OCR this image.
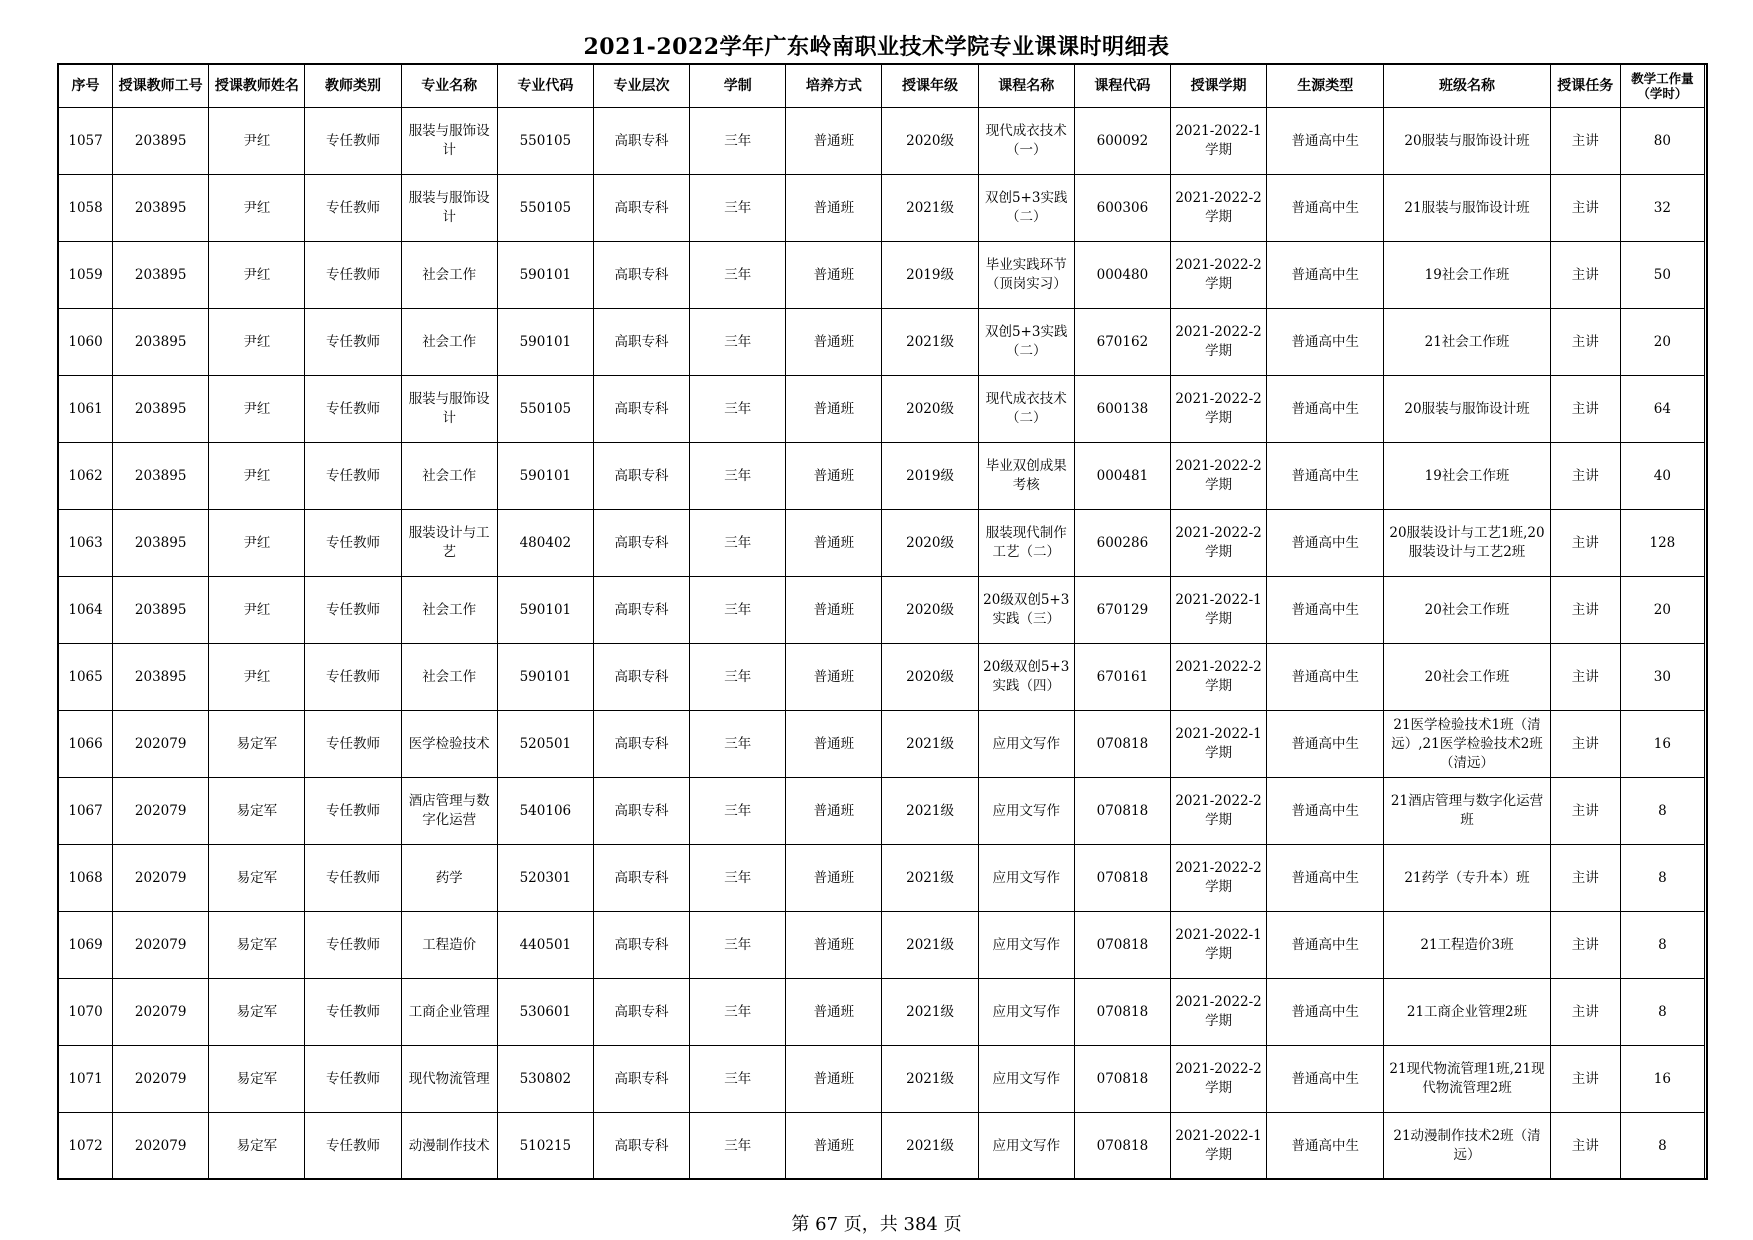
2021-2022学年广东岭南职业技术学院专业课课时明细表
序号	授课教师工号	授课教师姓名	教师类别	专业名称	专业代码	专业层次	学制	培养方式	授课年级	课程名称	课程代码	授课学期	生源类型	班级名称	授课任务	教学工作量（学时）
1057	203895	尹红	专任教师	服装与服饰设计	550105	高职专科	三年	普通班	2020级	现代成衣技术（一）	600092	2021-2022-1学期	普通高中生	20服装与服饰设计班	主讲	80
1058	203895	尹红	专任教师	服装与服饰设计	550105	高职专科	三年	普通班	2021级	双创5+3实践（二）	600306	2021-2022-2学期	普通高中生	21服装与服饰设计班	主讲	32
1059	203895	尹红	专任教师	社会工作	590101	高职专科	三年	普通班	2019级	毕业实践环节（顶岗实习）	000480	2021-2022-2学期	普通高中生	19社会工作班	主讲	50
1060	203895	尹红	专任教师	社会工作	590101	高职专科	三年	普通班	2021级	双创5+3实践（二）	670162	2021-2022-2学期	普通高中生	21社会工作班	主讲	20
1061	203895	尹红	专任教师	服装与服饰设计	550105	高职专科	三年	普通班	2020级	现代成衣技术（二）	600138	2021-2022-2学期	普通高中生	20服装与服饰设计班	主讲	64
1062	203895	尹红	专任教师	社会工作	590101	高职专科	三年	普通班	2019级	毕业双创成果考核	000481	2021-2022-2学期	普通高中生	19社会工作班	主讲	40
1063	203895	尹红	专任教师	服装设计与工艺	480402	高职专科	三年	普通班	2020级	服装现代制作工艺（二）	600286	2021-2022-2学期	普通高中生	20服装设计与工艺1班,20服装设计与工艺2班	主讲	128
1064	203895	尹红	专任教师	社会工作	590101	高职专科	三年	普通班	2020级	20级双创5+3实践（三）	670129	2021-2022-1学期	普通高中生	20社会工作班	主讲	20
1065	203895	尹红	专任教师	社会工作	590101	高职专科	三年	普通班	2020级	20级双创5+3实践（四）	670161	2021-2022-2学期	普通高中生	20社会工作班	主讲	30
1066	202079	易定军	专任教师	医学检验技术	520501	高职专科	三年	普通班	2021级	应用文写作	070818	2021-2022-1学期	普通高中生	21医学检验技术1班（清远）,21医学检验技术2班（清远）	主讲	16
1067	202079	易定军	专任教师	酒店管理与数字化运营	540106	高职专科	三年	普通班	2021级	应用文写作	070818	2021-2022-2学期	普通高中生	21酒店管理与数字化运营班	主讲	8
1068	202079	易定军	专任教师	药学	520301	高职专科	三年	普通班	2021级	应用文写作	070818	2021-2022-2学期	普通高中生	21药学（专升本）班	主讲	8
1069	202079	易定军	专任教师	工程造价	440501	高职专科	三年	普通班	2021级	应用文写作	070818	2021-2022-1学期	普通高中生	21工程造价3班	主讲	8
1070	202079	易定军	专任教师	工商企业管理	530601	高职专科	三年	普通班	2021级	应用文写作	070818	2021-2022-2学期	普通高中生	21工商企业管理2班	主讲	8
1071	202079	易定军	专任教师	现代物流管理	530802	高职专科	三年	普通班	2021级	应用文写作	070818	2021-2022-2学期	普通高中生	21现代物流管理1班,21现代物流管理2班	主讲	16
1072	202079	易定军	专任教师	动漫制作技术	510215	高职专科	三年	普通班	2021级	应用文写作	070818	2021-2022-1学期	普通高中生	21动漫制作技术2班（清远）	主讲	8
第 67 页，共 384 页
